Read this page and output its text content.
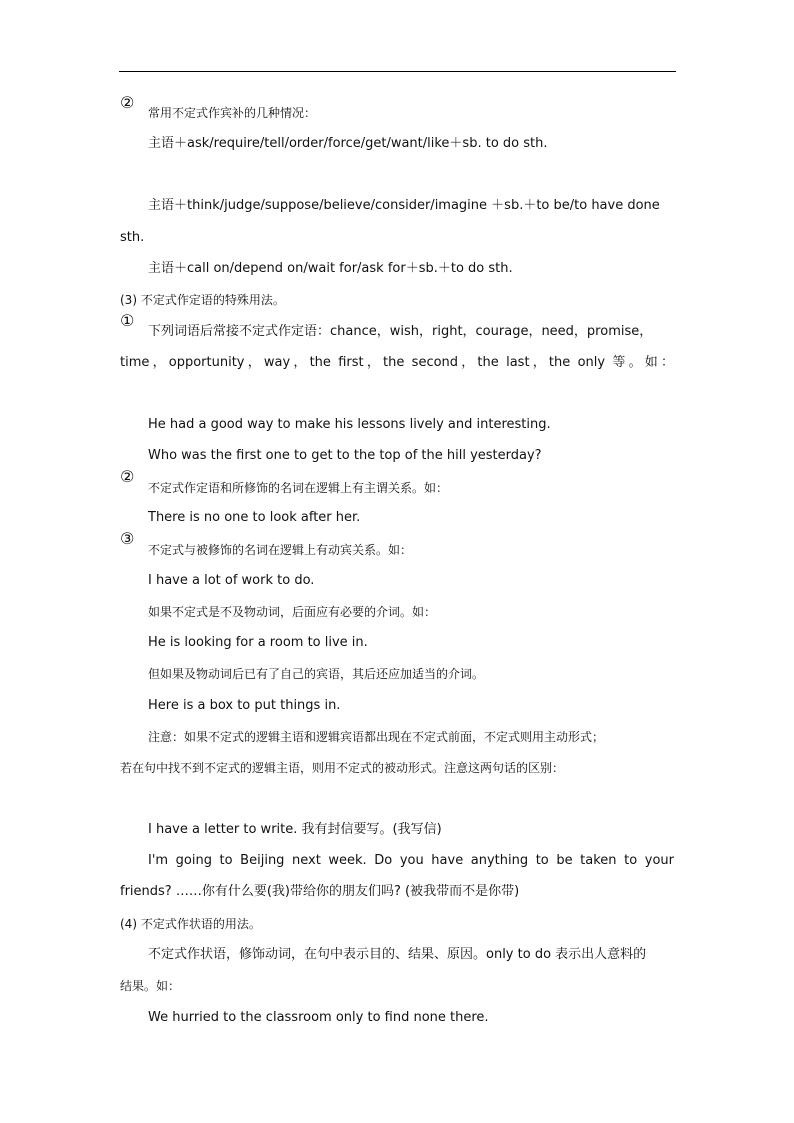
②
常用不定式作宾补的几种情况：
主语＋ask/require/tell/order/force/get/want/like＋sb. to do sth.
主语＋think/judge/suppose/believe/consider/imagine ＋sb.＋to be/to have done
sth.
主语＋call on/depend on/wait for/ask for＋sb.＋to do sth.
(3) 不定式作定语的特殊用法。
①
下列词语后常接不定式作定语：chance，wish，right，courage，need，promise，
time，opportunity，way，the first，the second，the last，the only 等。如：
He had a good way to make his lessons lively and interesting.
Who was the first one to get to the top of the hill yesterday?
②
不定式作定语和所修饰的名词在逻辑上有主谓关系。如：
There is no one to look after her.
③
不定式与被修饰的名词在逻辑上有动宾关系。如：
I have a lot of work to do.
如果不定式是不及物动词，后面应有必要的介词。如：
He is looking for a room to live in.
但如果及物动词后已有了自己的宾语，其后还应加适当的介词。
Here is a box to put things in.
注意：如果不定式的逻辑主语和逻辑宾语都出现在不定式前面，不定式则用主动形式；
若在句中找不到不定式的逻辑主语，则用不定式的被动形式。注意这两句话的区别：
I have a letter to write. 我有封信要写。(我写信)
I'm going to Beijing next week. Do you have anything to be taken to your
friends? ……你有什么要(我)带给你的朋友们吗? (被我带而不是你带)
(4) 不定式作状语的用法。
不定式作状语，修饰动词，在句中表示目的、结果、原因。only to do 表示出人意料的
结果。如：
We hurried to the classroom only to find none there.
